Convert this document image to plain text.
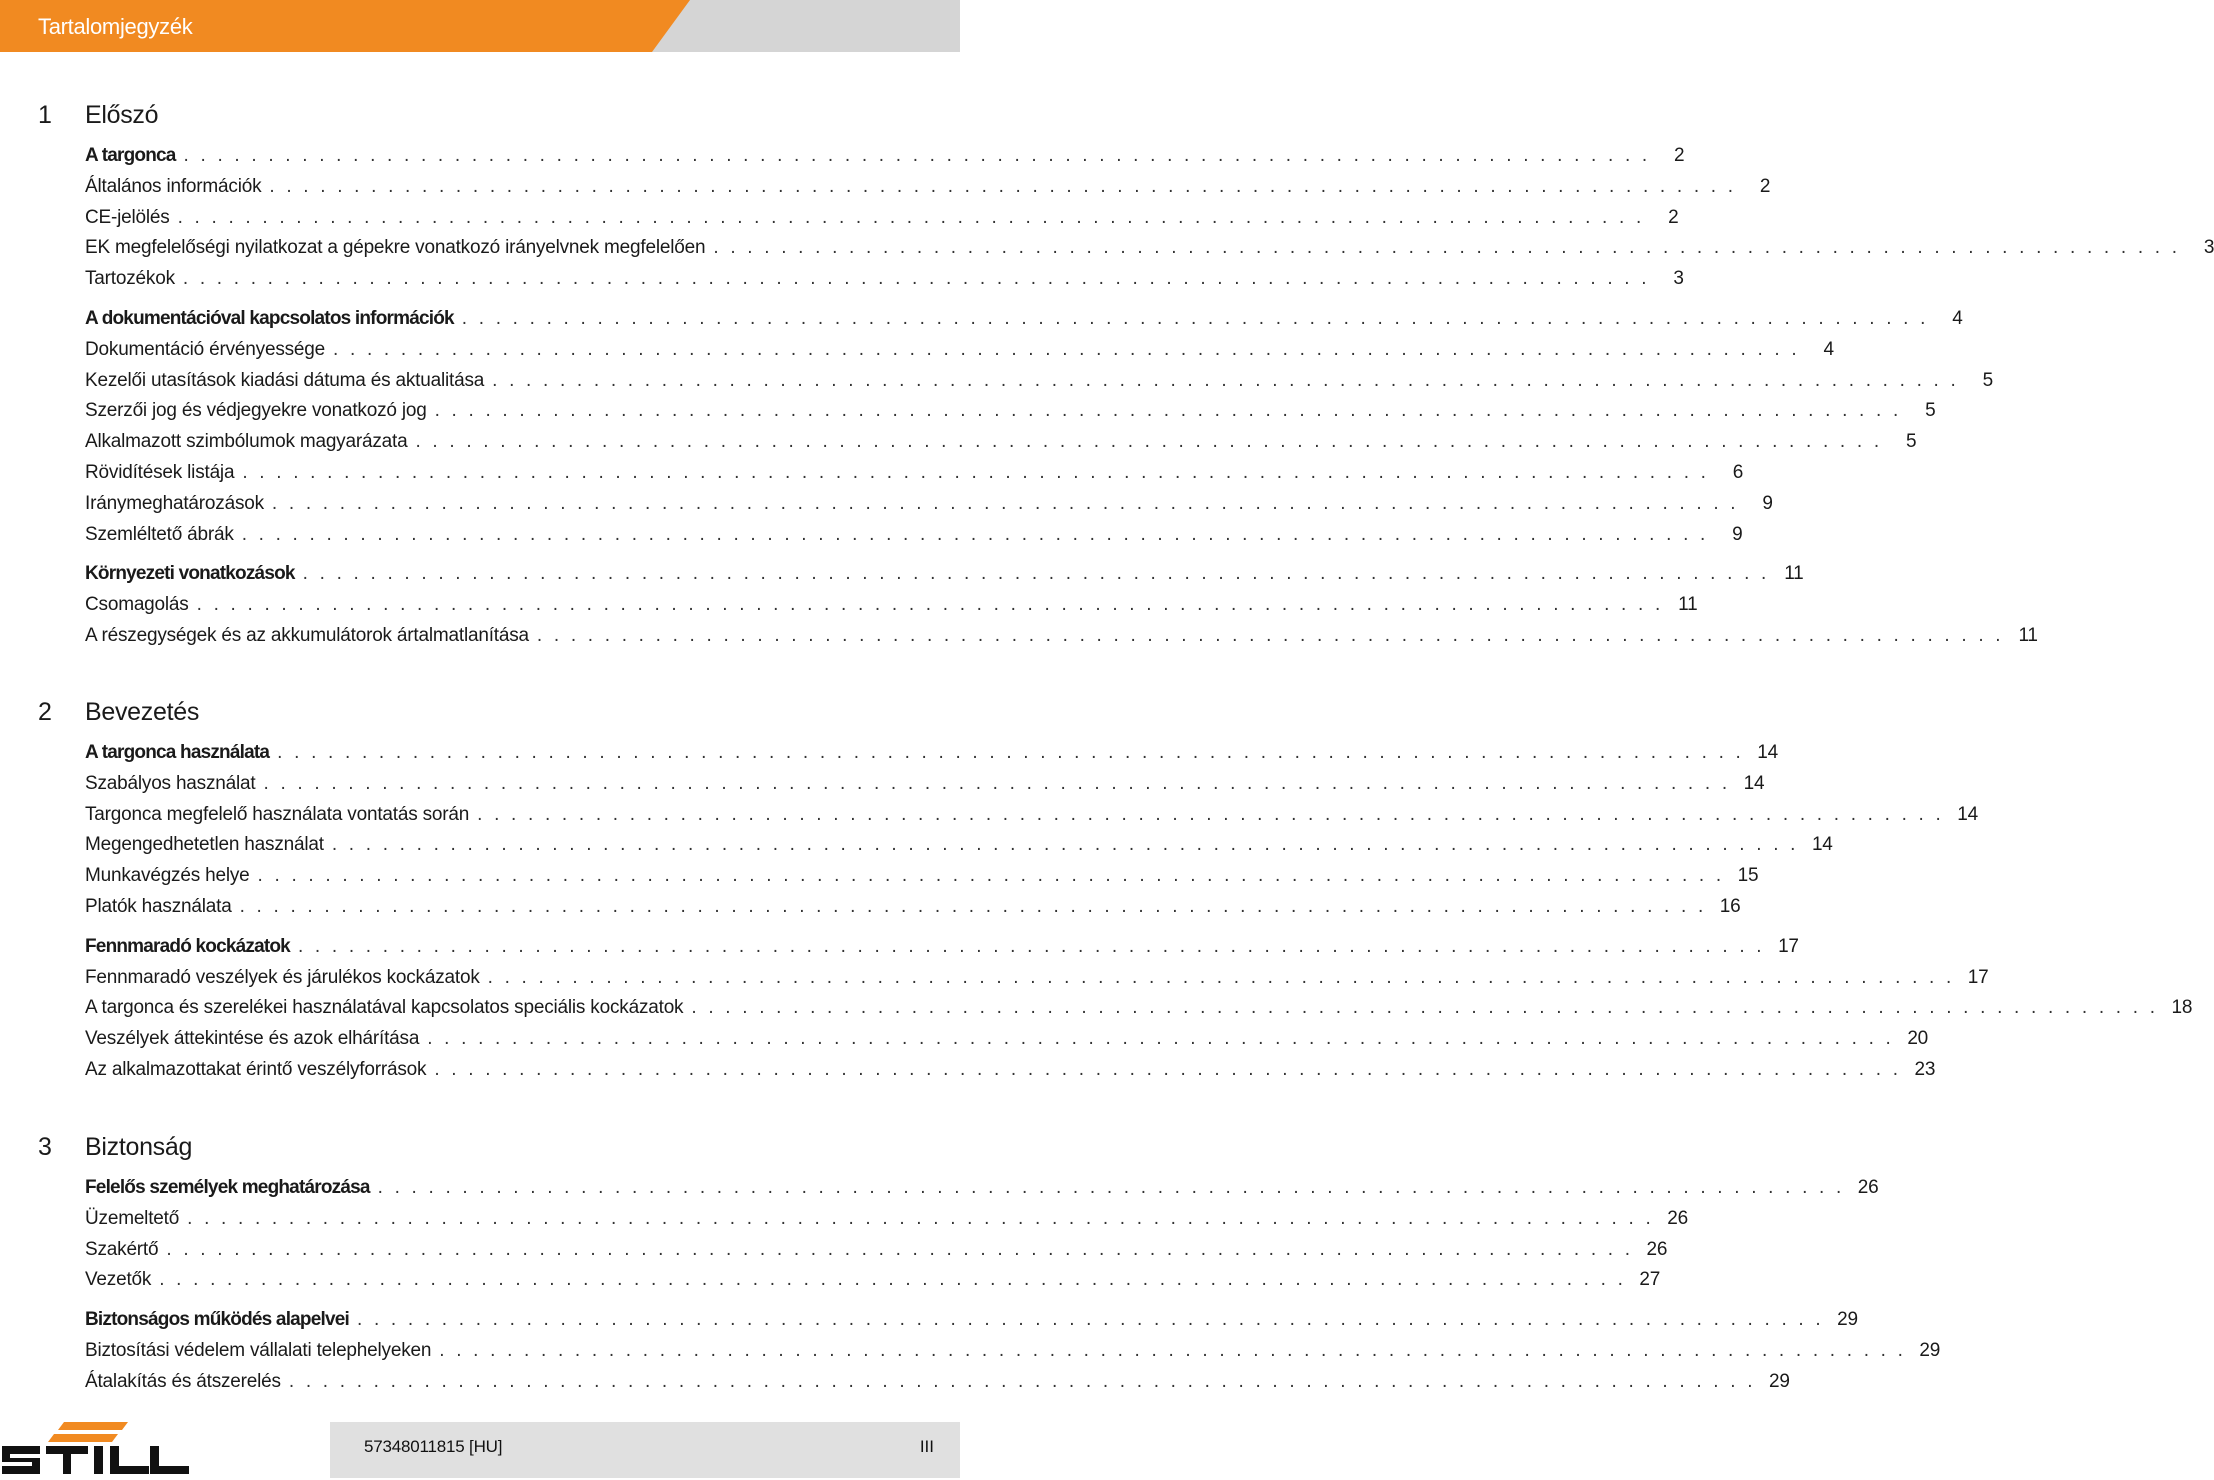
Tartalomjegyzék
1 Előszó
A targonca . . . . . . . . . . . . . . . . . . . . . . . . . . . . . . . . . . . . . . . . . . . . . . . . . . . . . . . . . . . . . . . . . . . . . . . . . . . . . . . . . . . . . . .	2
Általános információk . . . . . . . . . . . . . . . . . . . . . . . . . . . . . . . . . . . . . . . . . . . . . . . . . . . . . . . . . . . . . . . . . . . . . . . . . . . . . . . . . . . . . . .	2
CE-jelölés . . . . . . . . . . . . . . . . . . . . . . . . . . . . . . . . . . . . . . . . . . . . . . . . . . . . . . . . . . . . . . . . . . . . . . . . . . . . . . . . . . . . . . .	2
EK megfelelőségi nyilatkozat a gépekre vonatkozó irányelvnek megfelelően . . . . . . . . . . . . . . . . . . . . . . . . . . . . . . . . . . . . . . . . . . . . . . . . . . . . . . . . . . . . . . . . . . . . . . . . . . . . . . . . . . . . . . .	3
Tartozékok . . . . . . . . . . . . . . . . . . . . . . . . . . . . . . . . . . . . . . . . . . . . . . . . . . . . . . . . . . . . . . . . . . . . . . . . . . . . . . . . . . . . . . .	3
A dokumentációval kapcsolatos információk . . . . . . . . . . . . . . . . . . . . . . . . . . . . . . . . . . . . . . . . . . . . . . . . . . . . . . . . . . . . . . . . . . . . . . . . . . . . . . . . . . . . . . .	4
Dokumentáció érvényessége . . . . . . . . . . . . . . . . . . . . . . . . . . . . . . . . . . . . . . . . . . . . . . . . . . . . . . . . . . . . . . . . . . . . . . . . . . . . . . . . . . . . . . .	4
Kezelői utasítások kiadási dátuma és aktualitása . . . . . . . . . . . . . . . . . . . . . . . . . . . . . . . . . . . . . . . . . . . . . . . . . . . . . . . . . . . . . . . . . . . . . . . . . . . . . . . . . . . . . . .	5
Szerzői jog és védjegyekre vonatkozó jog . . . . . . . . . . . . . . . . . . . . . . . . . . . . . . . . . . . . . . . . . . . . . . . . . . . . . . . . . . . . . . . . . . . . . . . . . . . . . . . . . . . . . . .	5
Alkalmazott szimbólumok magyarázata . . . . . . . . . . . . . . . . . . . . . . . . . . . . . . . . . . . . . . . . . . . . . . . . . . . . . . . . . . . . . . . . . . . . . . . . . . . . . . . . . . . . . . .	5
Rövidítések listája . . . . . . . . . . . . . . . . . . . . . . . . . . . . . . . . . . . . . . . . . . . . . . . . . . . . . . . . . . . . . . . . . . . . . . . . . . . . . . . . . . . . . . .	6
Iránymeghatározások . . . . . . . . . . . . . . . . . . . . . . . . . . . . . . . . . . . . . . . . . . . . . . . . . . . . . . . . . . . . . . . . . . . . . . . . . . . . . . . . . . . . . . .	9
Szemléltető ábrák . . . . . . . . . . . . . . . . . . . . . . . . . . . . . . . . . . . . . . . . . . . . . . . . . . . . . . . . . . . . . . . . . . . . . . . . . . . . . . . . . . . . . . .	9
Környezeti vonatkozások . . . . . . . . . . . . . . . . . . . . . . . . . . . . . . . . . . . . . . . . . . . . . . . . . . . . . . . . . . . . . . . . . . . . . . . . . . . . . . . . . . . . . . . 11
Csomagolás . . . . . . . . . . . . . . . . . . . . . . . . . . . . . . . . . . . . . . . . . . . . . . . . . . . . . . . . . . . . . . . . . . . . . . . . . . . . . . . . . . . . . . . 11
A részegységek és az akkumulátorok ártalmatlanítása . . . . . . . . . . . . . . . . . . . . . . . . . . . . . . . . . . . . . . . . . . . . . . . . . . . . . . . . . . . . . . . . . . . . . . . . . . . . . . . . . . . . . . . 11
2 Bevezetés
A targonca használata . . . . . . . . . . . . . . . . . . . . . . . . . . . . . . . . . . . . . . . . . . . . . . . . . . . . . . . . . . . . . . . . . . . . . . . . . . . . . . . . . . . . . . . 14
Szabályos használat . . . . . . . . . . . . . . . . . . . . . . . . . . . . . . . . . . . . . . . . . . . . . . . . . . . . . . . . . . . . . . . . . . . . . . . . . . . . . . . . . . . . . . . 14
Targonca megfelelő használata vontatás során . . . . . . . . . . . . . . . . . . . . . . . . . . . . . . . . . . . . . . . . . . . . . . . . . . . . . . . . . . . . . . . . . . . . . . . . . . . . . . . . . . . . . . . 14
Megengedhetetlen használat . . . . . . . . . . . . . . . . . . . . . . . . . . . . . . . . . . . . . . . . . . . . . . . . . . . . . . . . . . . . . . . . . . . . . . . . . . . . . . . . . . . . . . . 14
Munkavégzés helye . . . . . . . . . . . . . . . . . . . . . . . . . . . . . . . . . . . . . . . . . . . . . . . . . . . . . . . . . . . . . . . . . . . . . . . . . . . . . . . . . . . . . . . 15
Platók használata . . . . . . . . . . . . . . . . . . . . . . . . . . . . . . . . . . . . . . . . . . . . . . . . . . . . . . . . . . . . . . . . . . . . . . . . . . . . . . . . . . . . . . . 16
Fennmaradó kockázatok . . . . . . . . . . . . . . . . . . . . . . . . . . . . . . . . . . . . . . . . . . . . . . . . . . . . . . . . . . . . . . . . . . . . . . . . . . . . . . . . . . . . . . . 17
Fennmaradó veszélyek és járulékos kockázatok . . . . . . . . . . . . . . . . . . . . . . . . . . . . . . . . . . . . . . . . . . . . . . . . . . . . . . . . . . . . . . . . . . . . . . . . . . . . . . . . . . . . . . . 17
A targonca és szerelékei használatával kapcsolatos speciális kockázatok . . . . . . . . . . . . . . . . . . . . . . . . . . . . . . . . . . . . . . . . . . . . . . . . . . . . . . . . . . . . . . . . . . . . . . . . . . . . . . . . . . . . . . . 18
Veszélyek áttekintése és azok elhárítása . . . . . . . . . . . . . . . . . . . . . . . . . . . . . . . . . . . . . . . . . . . . . . . . . . . . . . . . . . . . . . . . . . . . . . . . . . . . . . . . . . . . . . . 20
Az alkalmazottakat érintő veszélyforrások . . . . . . . . . . . . . . . . . . . . . . . . . . . . . . . . . . . . . . . . . . . . . . . . . . . . . . . . . . . . . . . . . . . . . . . . . . . . . . . . . . . . . . . 23
3 Biztonság
Felelős személyek meghatározása . . . . . . . . . . . . . . . . . . . . . . . . . . . . . . . . . . . . . . . . . . . . . . . . . . . . . . . . . . . . . . . . . . . . . . . . . . . . . . . . . . . . . . . 26
Üzemeltető . . . . . . . . . . . . . . . . . . . . . . . . . . . . . . . . . . . . . . . . . . . . . . . . . . . . . . . . . . . . . . . . . . . . . . . . . . . . . . . . . . . . . . . 26
Szakértő . . . . . . . . . . . . . . . . . . . . . . . . . . . . . . . . . . . . . . . . . . . . . . . . . . . . . . . . . . . . . . . . . . . . . . . . . . . . . . . . . . . . . . . 26
Vezetők . . . . . . . . . . . . . . . . . . . . . . . . . . . . . . . . . . . . . . . . . . . . . . . . . . . . . . . . . . . . . . . . . . . . . . . . . . . . . . . . . . . . . . . 27
Biztonságos működés alapelvei . . . . . . . . . . . . . . . . . . . . . . . . . . . . . . . . . . . . . . . . . . . . . . . . . . . . . . . . . . . . . . . . . . . . . . . . . . . . . . . . . . . . . . . 29
Biztosítási védelem vállalati telephelyeken . . . . . . . . . . . . . . . . . . . . . . . . . . . . . . . . . . . . . . . . . . . . . . . . . . . . . . . . . . . . . . . . . . . . . . . . . . . . . . . . . . . . . . . 29
Átalakítás és átszerelés . . . . . . . . . . . . . . . . . . . . . . . . . . . . . . . . . . . . . . . . . . . . . . . . . . . . . . . . . . . . . . . . . . . . . . . . . . . . . . . . . . . . . . . 29
57348011815 [HU]	III
